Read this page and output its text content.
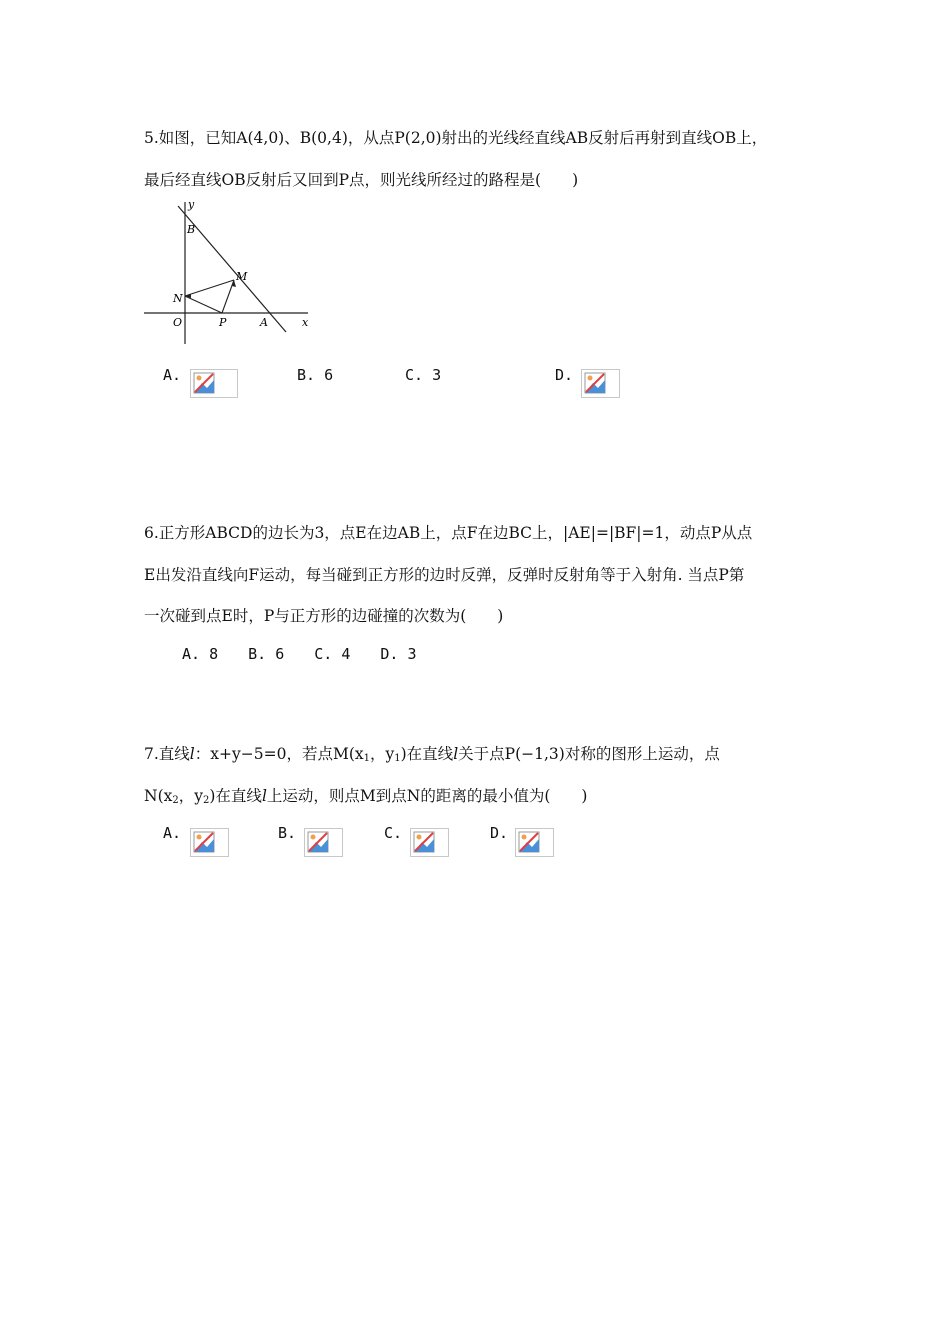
5.如图，已知A(4,0)、B(0,4)，从点P(2,0)射出的光线经直线AB反射后再射到直线OB上，
最后经直线OB反射后又回到P点，则光线所经过的路程是(　　)
y
x
B
M
N
O	P	A
A.	B. 6	C. 3	D.
6.正方形ABCD的边长为3，点E在边AB上，点F在边BC上，|AE|=|BF|=1，动点P从点
E出发沿直线向F运动，每当碰到正方形的边时反弹，反弹时反射角等于入射角. 当点P第
一次碰到点E时，P与正方形的边碰撞的次数为(　　)
A. 8　　B. 6　　C. 4　　D. 3
7.直线l：x+y−5=0，若点$M(x_1$，$y_1$)在直线l关于点P(−1,3)对称的图形上运动，点
$N(x_2$，$y_2$)在直线l上运动，则点M到点N的距离的最小值为(　　)
A.	B.	C.	D.
